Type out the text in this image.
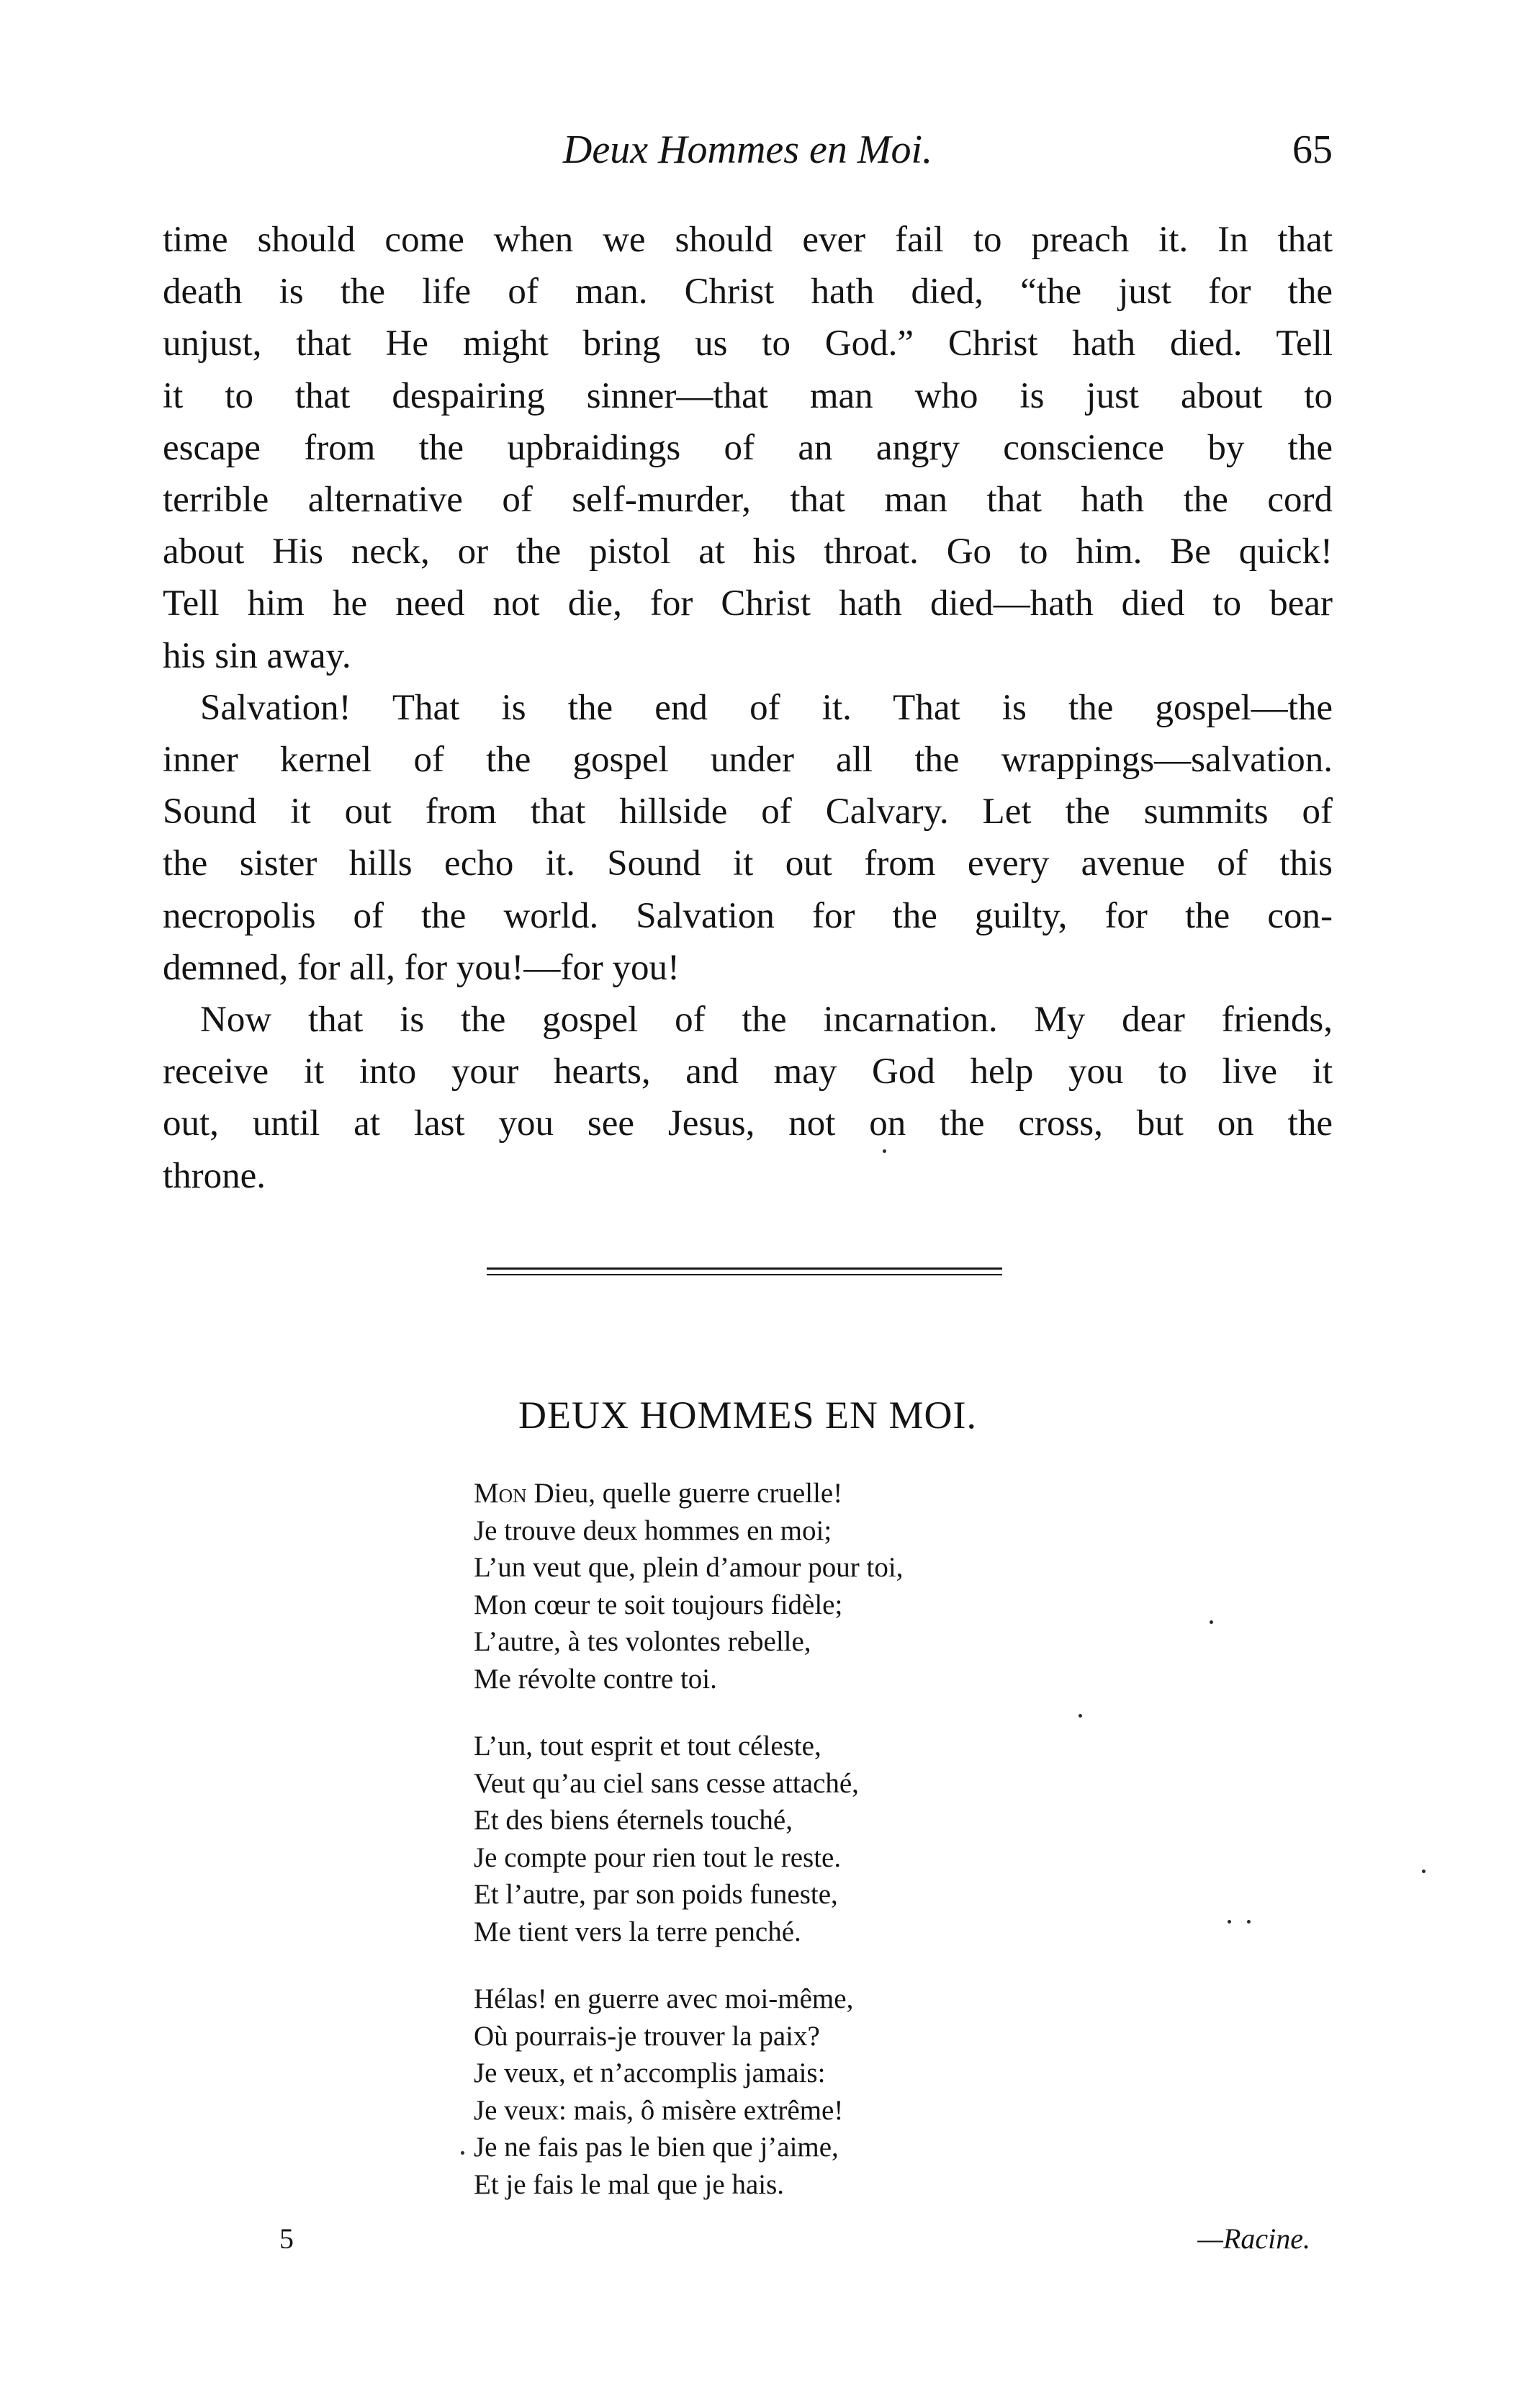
Deux Hommes en Moi.	65

time should come when we should ever fail to preach it. In that
death is the life of man. Christ hath died, “the just for the
unjust, that He might bring us to God.” Christ hath died. Tell
it to that despairing sinner—that man who is just about to
escape from the upbraidings of an angry conscience by the
terrible alternative of self-murder, that man that hath the cord
about His neck, or the pistol at his throat. Go to him. Be quick!
Tell him he need not die, for Christ hath died—hath died to bear
his sin away.

Salvation! That is the end of it. That is the gospel—the
inner kernel of the gospel under all the wrappings—salvation.
Sound it out from that hillside of Calvary. Let the summits of
the sister hills echo it. Sound it out from every avenue of this
necropolis of the world. Salvation for the guilty, for the con-
demned, for all, for you!—for you!

Now that is the gospel of the incarnation. My dear friends,
receive it into your hearts, and may God help you to live it
out, until at last you see Jesus, not on the cross, but on the
throne.

DEUX HOMMES EN MOI.
Mon Dieu, quelle guerre cruelle!
Je trouve deux hommes en moi;
L’un veut que, plein d’amour pour toi,
Mon cœur te soit toujours fidèle;
L’autre, à tes volontes rebelle,
Me révolte contre toi.
L’un, tout esprit et tout céleste,
Veut qu’au ciel sans cesse attaché,
Et des biens éternels touché,
Je compte pour rien tout le reste.
Et l’autre, par son poids funeste,
Me tient vers la terre penché.
Hélas! en guerre avec moi-même,
Où pourrais-je trouver la paix?
Je veux, et n’accomplis jamais:
Je veux: mais, ô misère extrême!
Je ne fais pas le bien que j’aime,
Et je fais le mal que je hais.
5	—Racine.
